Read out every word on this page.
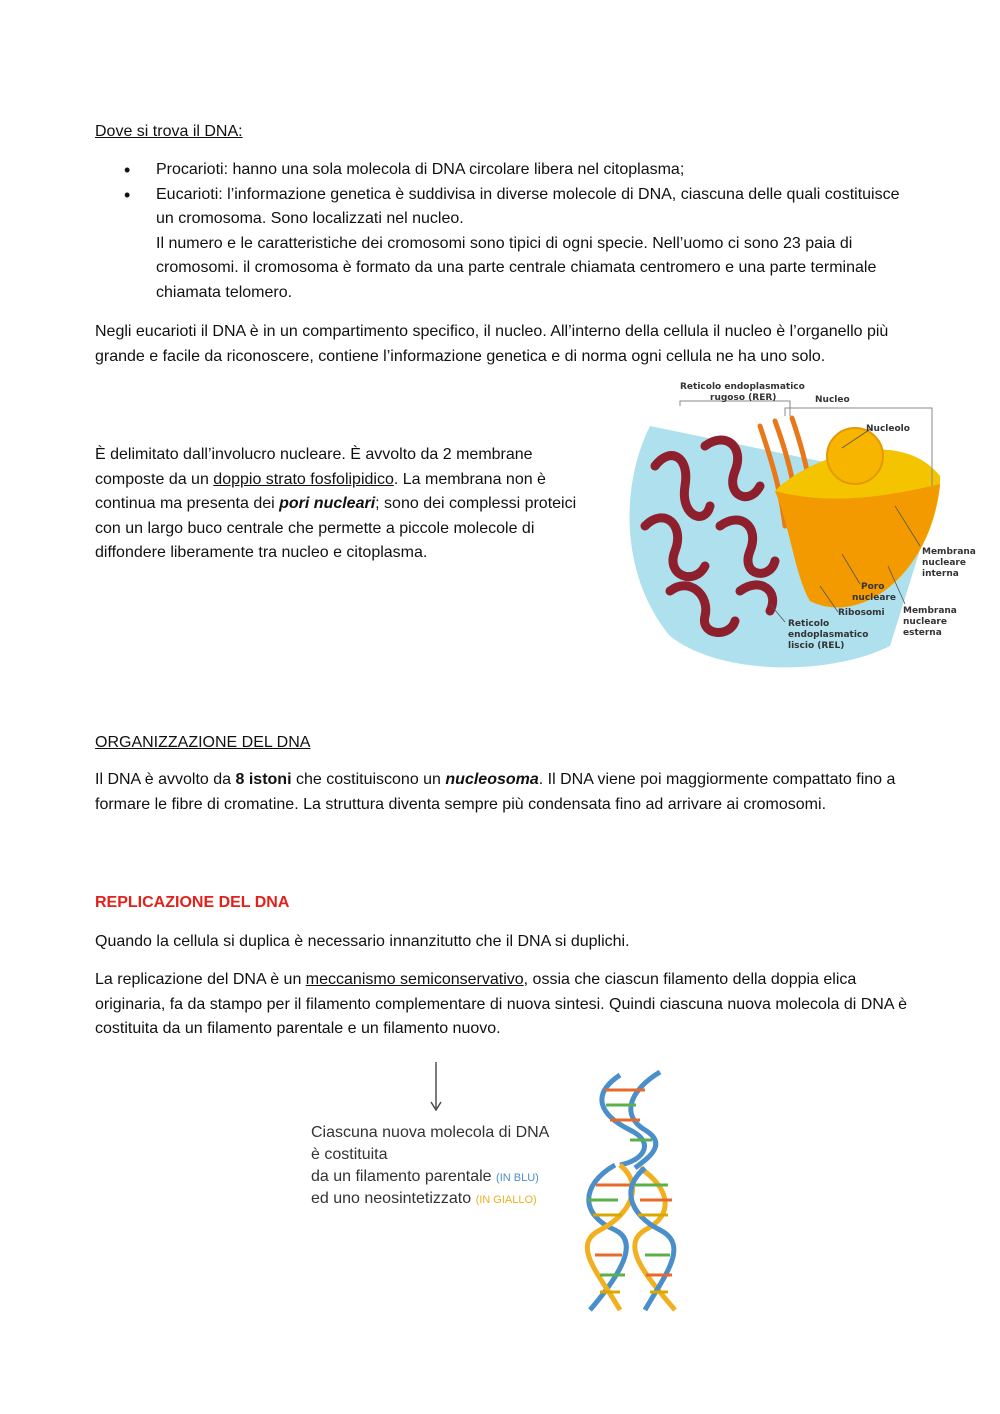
Dove si trova il DNA:
• Procarioti: hanno una sola molecola di DNA circolare libera nel citoplasma;
• Eucarioti: l’informazione genetica è suddivisa in diverse molecole di DNA, ciascuna delle quali costituisce un cromosoma. Sono localizzati nel nucleo.
Il numero e le caratteristiche dei cromosomi sono tipici di ogni specie. Nell’uomo ci sono 23 paia di cromosomi. il cromosoma è formato da una parte centrale chiamata centromero e una parte terminale chiamata telomero.
Negli eucarioti il DNA è in un compartimento specifico, il nucleo. All’interno della cellula il nucleo è l’organello più grande e facile da riconoscere, contiene l’informazione genetica e di norma ogni cellula ne ha uno solo.
È delimitato dall’involucro nucleare. È avvolto da 2 membrane composte da un doppio strato fosfolipidico. La membrana non è continua ma presenta dei pori nucleari; sono dei complessi proteici con un largo buco centrale che permette a piccole molecole di diffondere liberamente tra nucleo e citoplasma.
Reticolo endoplasmatico
rugoso (RER)	Nucleo
Nucleolo
Membrana
nucleare
interna
Poro
nucleare
Ribosomi Membrana
nucleare
esterna
Reticolo
endoplasmatico
liscio (REL)
ORGANIZZAZIONE DEL DNA
Il DNA è avvolto da 8 istoni che costituiscono un nucleosoma. Il DNA viene poi maggiormente compattato fino a formare le fibre di cromatine. La struttura diventa sempre più condensata fino ad arrivare ai cromosomi.
REPLICAZIONE DEL DNA
Quando la cellula si duplica è necessario innanzitutto che il DNA si duplichi.
La replicazione del DNA è un meccanismo semiconservativo, ossia che ciascun filamento della doppia elica originaria, fa da stampo per il filamento complementare di nuova sintesi. Quindi ciascuna nuova molecola di DNA è costituita da un filamento parentale e un filamento nuovo.
Ciascuna nuova molecola di DNA
è costituita
da un filamento parentale (IN BLU)
ed uno neosintetizzato (IN GIALLO)
